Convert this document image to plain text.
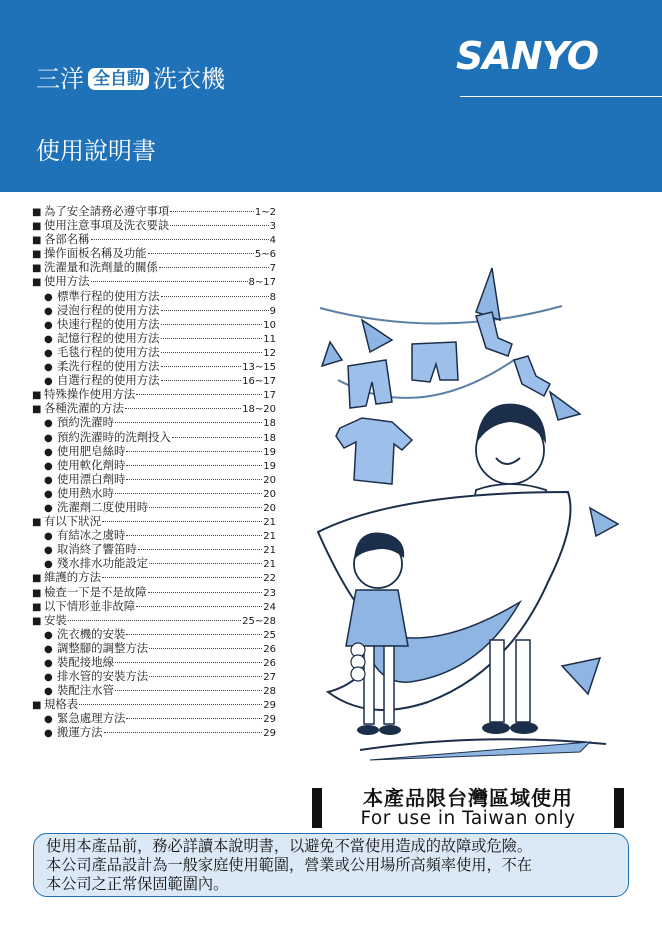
三洋 全自動 洗衣機
使用說明書
SANYO
■ 為了安全請務必遵守事項	1~2
■ 使用注意事項及洗衣要訣	3
■ 各部名稱	4
■ 操作面板名稱及功能	5~6
■ 洗濯量和洗劑量的關係	7
■ 使用方法	8~17
● 標準行程的使用方法	8
● 浸泡行程的使用方法	9
● 快速行程的使用方法	10
● 記憶行程的使用方法	11
● 毛毯行程的使用方法	12
● 柔洗行程的使用方法	13~15
● 自選行程的使用方法	16~17
■ 特殊操作使用方法	17
■ 各種洗濯的方法	18~20
● 預約洗濯時	18
● 預約洗濯時的洗劑投入	18
● 使用肥皂絲時	19
● 使用軟化劑時	19
● 使用漂白劑時	20
● 使用熱水時	20
● 洗濯劑二度使用時	20
■ 有以下狀況	21
● 有結冰之虞時	21
● 取消終了響笛時	21
● 殘水排水功能設定	21
■ 維護的方法	22
■ 檢查一下是不是故障	23
■ 以下情形並非故障	24
■ 安裝	25~28
● 洗衣機的安裝	25
● 調整腳的調整方法	26
● 裝配接地線	26
● 排水管的安裝方法	27
● 裝配注水管	28
■ 規格表	29
● 緊急處理方法	29
● 搬運方法	29
本產品限台灣區域使用
For use in Taiwan only

使用本產品前，務必詳讀本說明書，以避免不當使用造成的故障或危險。

本公司產品設計為一般家庭使用範圍，營業或公用場所高頻率使用，不在

本公司之正常保固範圍內。
